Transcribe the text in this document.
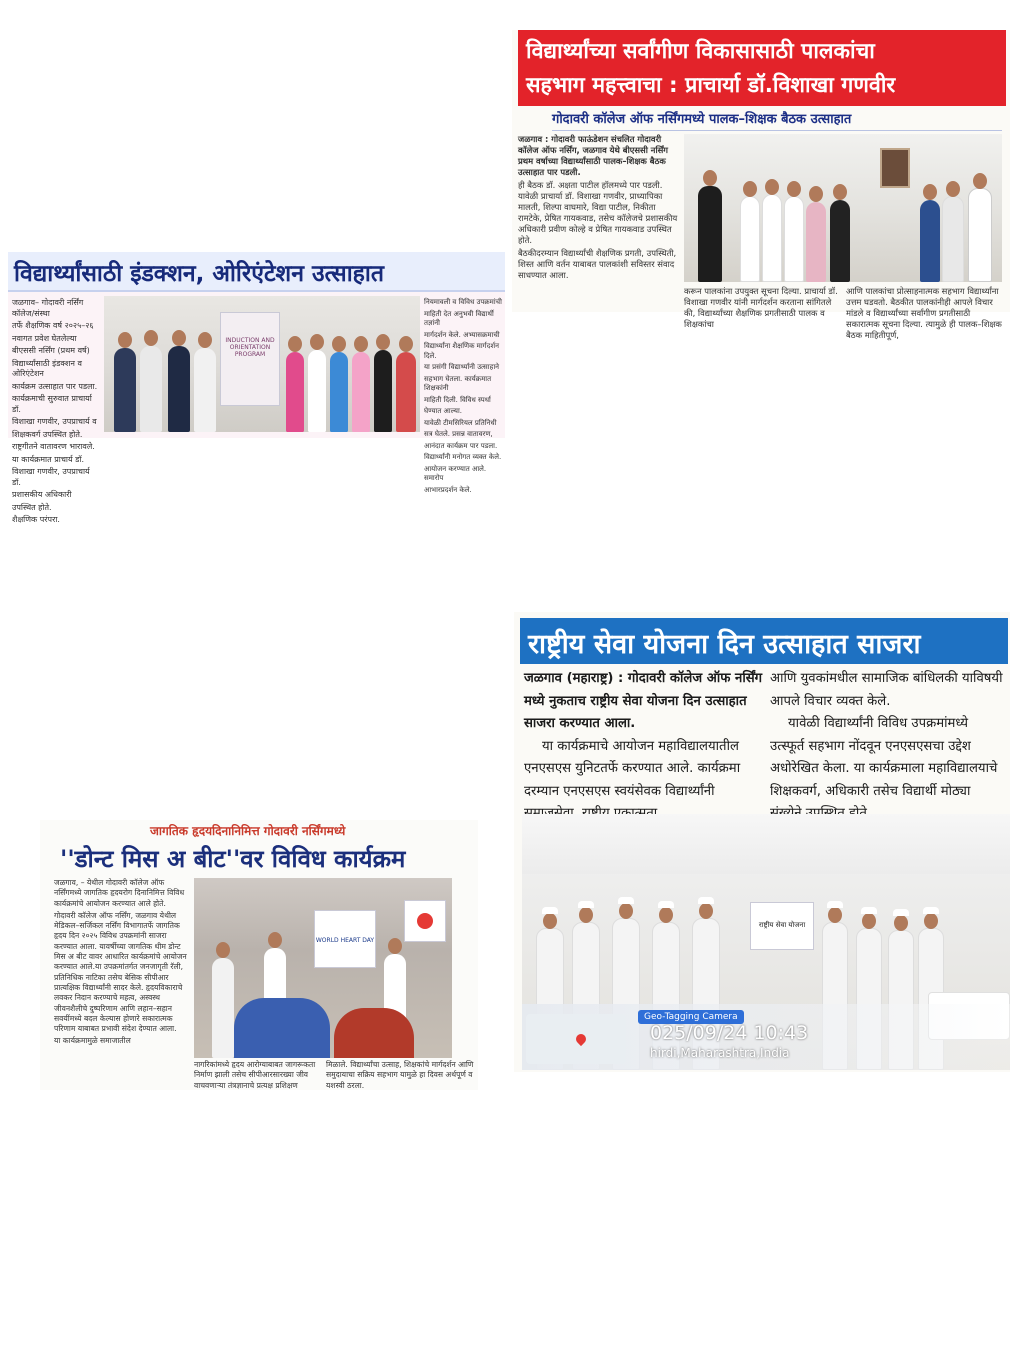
विद्यार्थ्यांसाठी इंडक्शन, ओरिएंटेशन उत्साहात

जळगाव– गोदावरी नर्सिंग कॉलेज/संस्था

तर्फे शैक्षणिक वर्ष २०२५–२६

नवागत प्रवेश घेतलेल्या

बीएससी नर्सिंग (प्रथम वर्ष)

विद्यार्थ्यांसाठी इंडक्शन व ओरिएंटेशन

कार्यक्रम उत्साहात पार पडला.

कार्यक्रमाची सुरुवात प्राचार्या डॉ.

विशाखा गणवीर, उपप्राचार्य व

शिक्षकवर्ग उपस्थित होते.

राष्ट्रगीतने वातावरण भारावले.

या कार्यक्रमात प्राचार्य डॉ.

विशाखा गणवीर, उपप्राचार्य डॉ.

प्रशासकीय अधिकारी

उपस्थित होते.

शैक्षणिक परंपरा.

INDUCTION AND ORIENTATION PROGRAM

नियमावली व विविध उपक्रमांची

माहिती देत अनुभवी विद्यार्थी तज्ञांनी

मार्गदर्शन केले. अभ्यासक्रमाची

विद्यार्थ्यांना शैक्षणिक मार्गदर्शन दिले.

या प्रसंगी विद्यार्थ्यांनी उत्साहाने

सहभाग घेतला. कार्यक्रमात शिक्षकांनी

माहिती दिली. विविध स्पर्धा

घेण्यात आल्या.

यावेळी टीमसिरियल प्रतिनिधी

सत्र घेतले. प्रसन्न वातावरण,

आनंदात कार्यक्रम पार पडला.

विद्यार्थ्यांनी मनोगत व्यक्त केले.

आयोजन करण्यात आले. समारोप

आभारप्रदर्शन केले.

विद्यार्थ्यांच्या सर्वांगीण विकासासाठी पालकांचा
सहभाग महत्त्वाचा : प्राचार्या डॉ.विशाखा गणवीर
गोदावरी कॉलेज ऑफ नर्सिंगमध्ये पालक–शिक्षक बैठक उत्साहात

जळगाव : गोदावरी फाऊंडेशन संचलित गोदावरी कॉलेज ऑफ नर्सिंग, जळगाव येथे बीएससी नर्सिंग प्रथम वर्षाच्या विद्यार्थ्यांसाठी पालक–शिक्षक बैठक उत्साहात पार पडली.

ही बैठक डॉ. अक्षता पाटील हॉलमध्ये पार पडली. यावेळी प्राचार्या डॉ. विशाखा गणवीर, प्राध्यापिका मालती, शिल्पा वाघमारे, विद्या पाटील, निकीता रामटेके, प्रेषित गायकवाड, तसेच कॉलेजचे प्रशासकीय अधिकारी प्रवीण कोल्हे व प्रेषित गायकवाड उपस्थित होते.

बैठकीदरम्यान विद्यार्थ्यांची शैक्षणिक प्रगती, उपस्थिती, शिस्त आणि वर्तन याबाबत पालकांशी सविस्तर संवाद साधण्यात आला.

करून पालकांना उपयुक्त सूचना दिल्या. प्राचार्या डॉ. विशाखा गणवीर यांनी मार्गदर्शन करताना सांगितले की, विद्यार्थ्यांच्या शैक्षणिक प्रगतीसाठी पालक व शिक्षकांचा

आणि पालकांचा प्रोत्साहनात्मक सहभाग विद्यार्थ्यांना उत्तम घडवतो. बैठकीत पालकांनीही आपले विचार मांडले व विद्यार्थ्यांच्या सर्वांगीण प्रगतीसाठी सकारात्मक सूचना दिल्या. त्यामुळे ही पालक–शिक्षक बैठक माहितीपूर्ण,

जागतिक हृदयदिनानिमित्त गोदावरी नर्सिंगमध्ये
''डोन्ट मिस अ बीट''वर विविध कार्यक्रम

जळगाव, – येथील गोदावरी कॉलेज ऑफ नर्सिंगमध्ये जागतिक हृदयरोग दिनानिमित्त विविध कार्यक्रमांचे आयोजन करण्यात आले होते.

गोदावरी कॉलेज ऑफ नर्सिंग, जळगाव येथील मेडिकल–सर्जिकल नर्सिंग विभागातर्फे जागतिक हृदय दिन २०२५ विविध उपक्रमांनी साजरा करण्यात आला. यावर्षीच्या जागतिक थीम डोन्ट मिस अ बीट वावर आधारित कार्यक्रमांचे आयोजन करण्यात आले.या उपक्रमांतर्गत जनजागृती रॅली, प्रतिनिधिक नाटिका तसेच बेसिक सीपीआर प्रात्यक्षिक विद्यार्थ्यांनी सादर केले. हृदयविकाराचे लवकर निदान करण्याचे महत्व, अस्वस्थ जीवनशैलीचे दुष्परिणाम आणि लहान–सहान सवयींमध्ये बदल केल्यास होणारे सकारात्मक परिणाम याबाबत प्रभावी संदेश देण्यात आला.

या कार्यक्रमामुळे समाजातील

WORLD HEART DAY

नागरिकांमध्ये हृदय आरोग्याबाबत जागरूकता निर्माण झाली तसेच सीपीआरसारख्या जीव वाचवणाऱ्या तंत्रज्ञानाचे प्रत्यक्ष प्रशिक्षण

मिळाले. विद्यार्थ्यांचा उत्साह, शिक्षकांचे मार्गदर्शन आणि समुदायाचा सक्रिय सहभाग यामुळे हा दिवस अर्थपूर्ण व यशस्वी ठरला.

राष्ट्रीय सेवा योजना दिन उत्साहात साजरा

जळगाव (महाराष्ट्र) : गोदावरी कॉलेज ऑफ नर्सिंग मध्ये नुकताच राष्ट्रीय सेवा योजना दिन उत्साहात साजरा करण्यात आला.

या कार्यक्रमाचे आयोजन महाविद्यालयातील एनएसएस युनिटतर्फे करण्यात आले. कार्यक्रमा दरम्यान एनएसएस स्वयंसेवक विद्यार्थ्यांनी

आणि युवकांमधील सामाजिक बांधिलकी याविषयी आपले विचार व्यक्त केले.

यावेळी विद्यार्थ्यांनी विविध उपक्रमांमध्ये उत्स्फूर्त सहभाग नोंदवून एनएसएसचा उद्देश अधोरेखित केला. या कार्यक्रमाला महाविद्यालयाचे शिक्षकवर्ग, अधिकारी तसेच विद्यार्थी मोठ्या

राष्ट्रीय सेवा योजना
Geo-Tagging Camera
025/09/24 10:43
hirdi,Maharashtra,India
